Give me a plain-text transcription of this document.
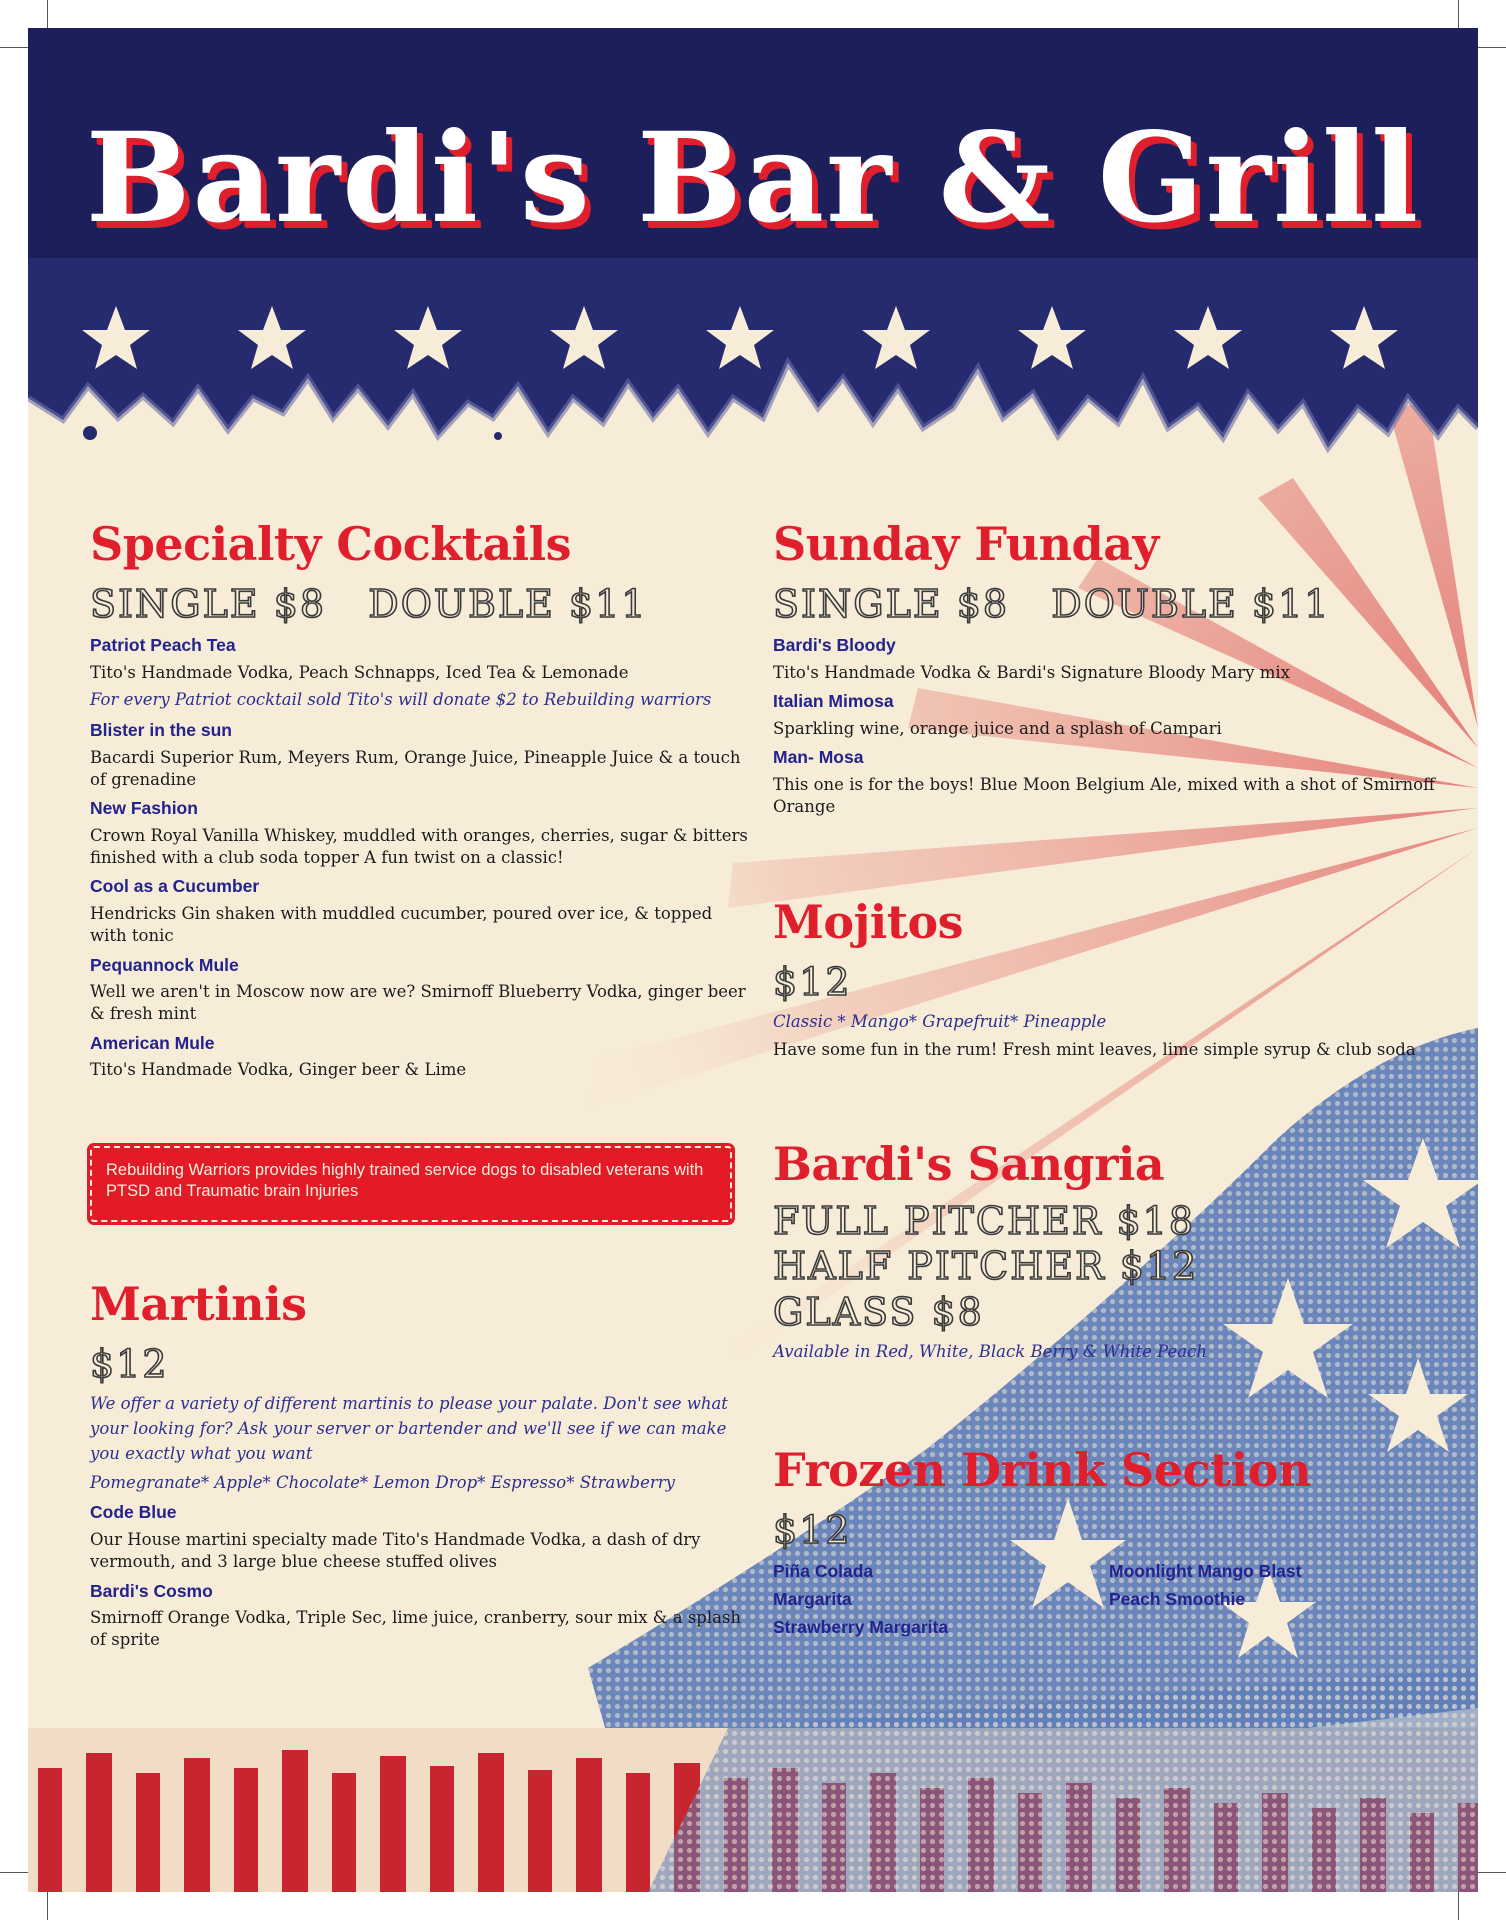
Bardi's Bar & Grill
Specialty Cocktails
SINGLE $8   DOUBLE $11
Patriot Peach Tea
Tito's Handmade Vodka, Peach Schnapps, Iced Tea & Lemonade
For every Patriot cocktail sold Tito's will donate $2 to Rebuilding warriors
Blister in the sun
Bacardi Superior Rum, Meyers Rum, Orange Juice, Pineapple Juice & a touch of grenadine
New Fashion
Crown Royal Vanilla Whiskey, muddled with oranges, cherries, sugar & bitters finished with a club soda topper A fun twist on a classic!
Cool as a Cucumber
Hendricks Gin shaken with muddled cucumber, poured over ice, & topped with tonic
Pequannock Mule
Well we aren't in Moscow now are we? Smirnoff Blueberry Vodka, ginger beer & fresh mint
American Mule
Tito's Handmade Vodka, Ginger beer & Lime
Rebuilding Warriors provides highly trained service dogs to disabled veterans with PTSD and Traumatic brain Injuries
Martinis
$12
We offer a variety of different martinis to please your palate. Don't see what your looking for? Ask your server or bartender and we'll see if we can make you exactly what you want
Pomegranate* Apple* Chocolate* Lemon Drop* Espresso* Strawberry
Code Blue
Our House martini specialty made Tito's Handmade Vodka, a dash of dry vermouth, and 3 large blue cheese stuffed olives
Bardi's Cosmo
Smirnoff Orange Vodka, Triple Sec, lime juice, cranberry, sour mix & a splash of sprite
Sunday Funday
SINGLE $8   DOUBLE $11
Bardi's Bloody
Tito's Handmade Vodka & Bardi's Signature Bloody Mary mix
Italian Mimosa
Sparkling wine, orange juice and a splash of Campari
Man- Mosa
This one is for the boys! Blue Moon Belgium Ale, mixed with a shot of Smirnoff Orange
Mojitos
$12
Classic * Mango* Grapefruit* Pineapple
Have some fun in the rum! Fresh mint leaves, lime simple syrup & club soda
Bardi's Sangria
FULL PITCHER $18
HALF PITCHER $12
GLASS $8
Available in Red, White, Black Berry & White Peach
Frozen Drink Section
$12
Piña Colada	Moonlight Mango Blast
Margarita	Peach Smoothie
Strawberry Margarita
